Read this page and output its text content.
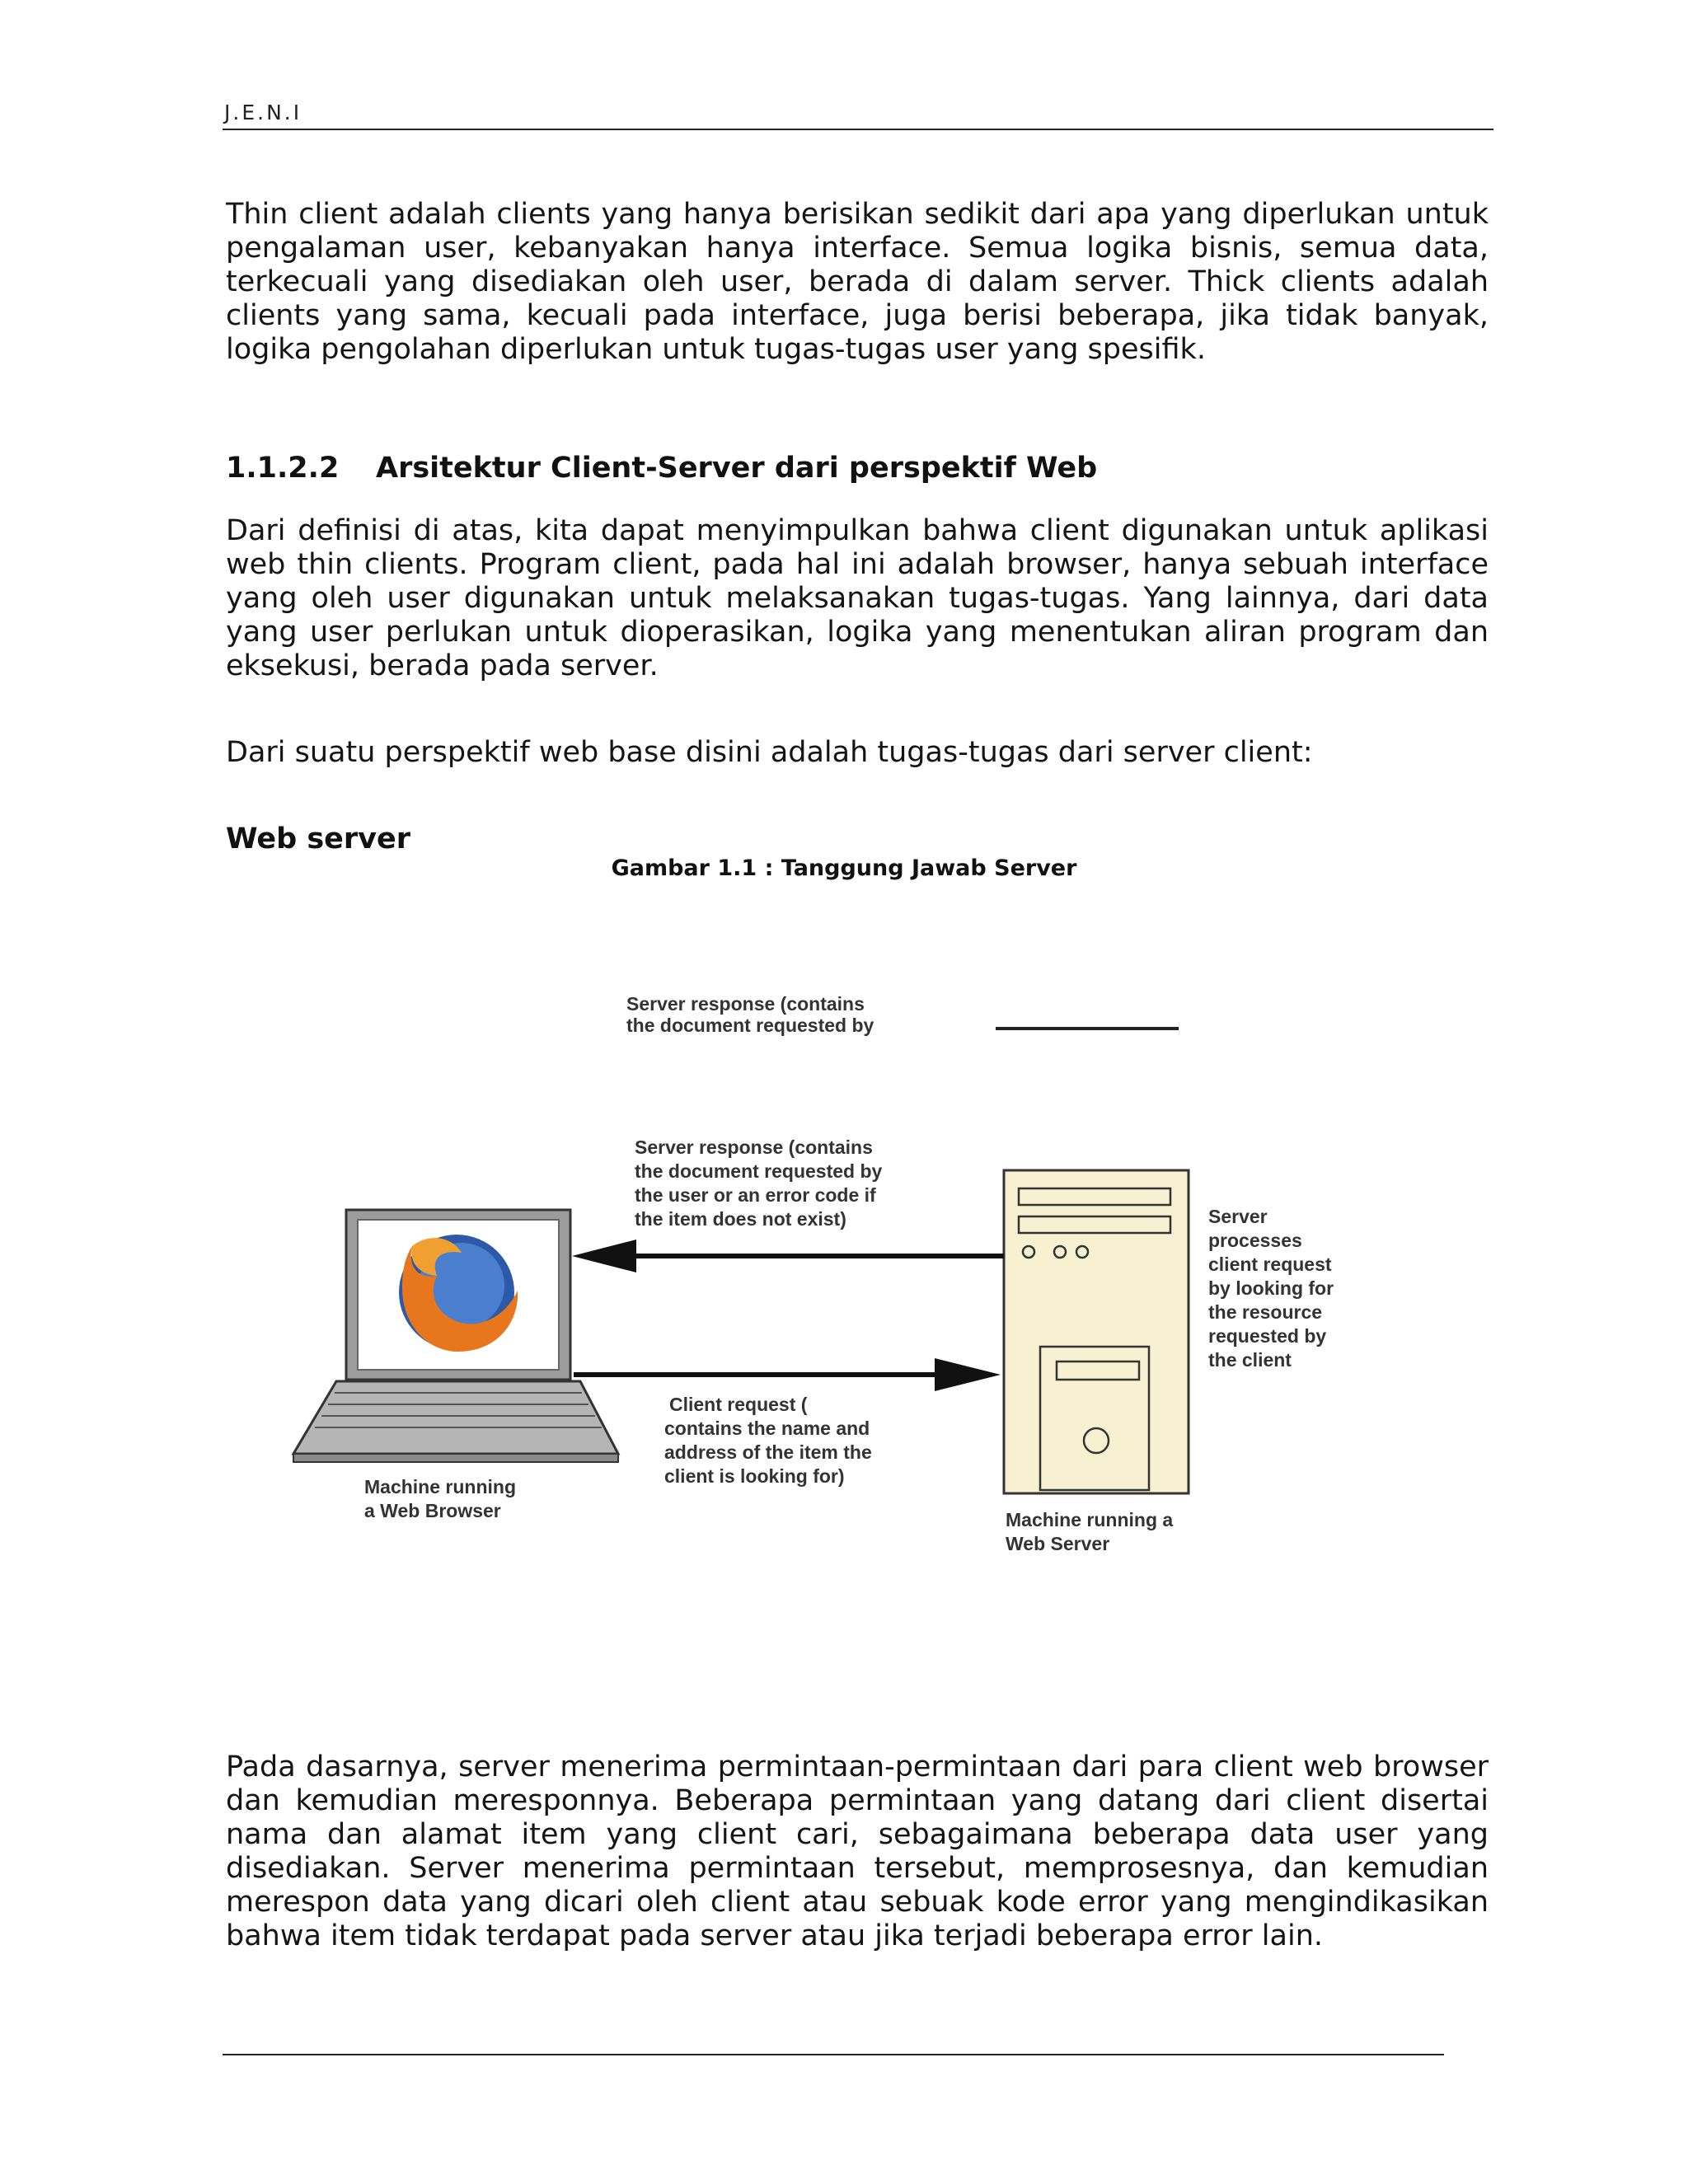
J.E.N.I

Thin client adalah clients yang hanya berisikan sedikit dari apa yang diperlukan untuk pengalaman user, kebanyakan hanya interface. Semua logika bisnis, semua data, terkecuali yang disediakan oleh user, berada di dalam server. Thick clients adalah clients yang sama, kecuali pada interface, juga berisi beberapa, jika tidak banyak, logika pengolahan diperlukan untuk tugas-tugas user yang spesifik.

1.1.2.2 Arsitektur Client-Server dari perspektif Web

Dari definisi di atas, kita dapat menyimpulkan bahwa client digunakan untuk aplikasi web thin clients. Program client, pada hal ini adalah browser, hanya sebuah interface yang oleh user digunakan untuk melaksanakan tugas-tugas. Yang lainnya, dari data yang user perlukan untuk dioperasikan, logika yang menentukan aliran program dan eksekusi, berada pada server.

Dari suatu perspektif web base disini adalah tugas-tugas dari server client:

Web server
Gambar 1.1 : Tanggung Jawab Server
Server response (contains
the document requested by
Server response (contains
the document requested by
the user or an error code if
the item does not exist)
Client request (
contains the name and
address of the item the
client is looking for)
Server
processes
client request
by looking for
the resource
requested by
the client
Machine running
a Web Browser	Machine running a
Web Server

Pada dasarnya, server menerima permintaan-permintaan dari para client web browser dan kemudian meresponnya. Beberapa permintaan yang datang dari client disertai nama dan alamat item yang client cari, sebagaimana beberapa data user yang disediakan. Server menerima permintaan tersebut, memprosesnya, dan kemudian merespon data yang dicari oleh client atau sebuak kode error yang mengindikasikan bahwa item tidak terdapat pada server atau jika terjadi beberapa error lain.
